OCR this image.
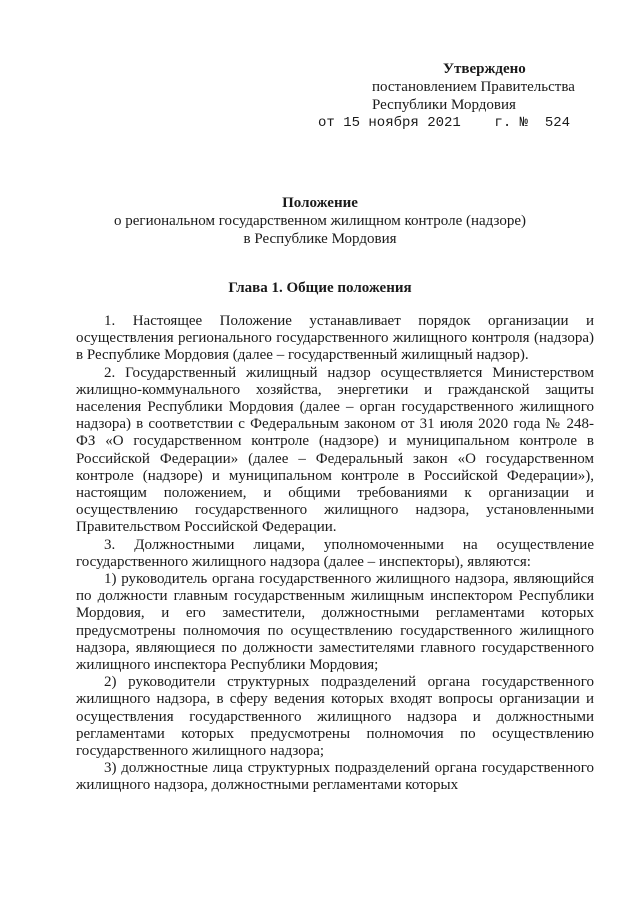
Утверждено
постановлением Правительства
Республики Мордовия
от 15 ноября 2021    г. №  524
Положение
о региональном государственном жилищном контроле (надзоре)
в Республике Мордовия
Глава 1. Общие положения

1. Настоящее Положение устанавливает порядок организации и осуществления регионального государственного жилищного контроля (надзора) в Республике Мордовия (далее – государственный жилищный надзор).

2. Государственный жилищный надзор осуществляется Министерством жилищно-коммунального хозяйства, энергетики и гражданской защиты населения Республики Мордовия (далее – орган государственного жилищного надзора) в соответствии с Федеральным законом от 31 июля 2020 года № 248-ФЗ «О государственном контроле (надзоре) и муниципальном контроле в Российской Федерации» (далее – Федеральный закон «О государственном контроле (надзоре) и муниципальном контроле в Российской Федерации»), настоящим положением, и общими требованиями к организации и осуществлению государственного жилищного надзора, установленными Правительством Российской Федерации.

3. Должностными лицами, уполномоченными на осуществление государственного жилищного надзора (далее – инспекторы), являются:

1) руководитель органа государственного жилищного надзора, являющийся по должности главным государственным жилищным инспектором Республики Мордовия, и его заместители, должностными регламентами которых предусмотрены полномочия по осуществлению государственного жилищного надзора, являющиеся по должности заместителями главного государственного жилищного инспектора Республики Мордовия;

2) руководители структурных подразделений органа государственного жилищного надзора, в сферу ведения которых входят вопросы организации и осуществления государственного жилищного надзора и должностными регламентами которых предусмотрены полномочия по осуществлению государственного жилищного надзора;

3) должностные лица структурных подразделений органа государственного жилищного надзора, должностными регламентами которых
